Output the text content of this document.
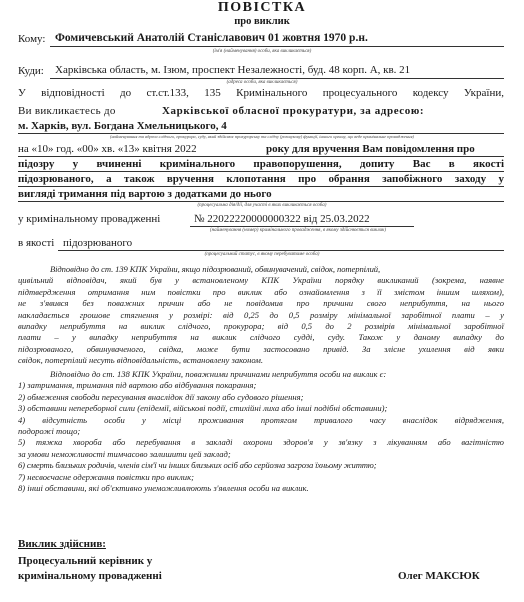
ПОВІСТКА
про виклик
Кому: Фомичевський Анатолій Станіславович 01 жовтня 1970 р.н.
(ім'я (найменування) особи, яка викликається)
Куди: Харківська область, м. Ізюм, проспект Незалежності, буд. 48 корп. А, кв. 21
(адреса особи, яка викликається)
У відповідності до ст.ст.133, 135 Кримінального процесуального кодексу України,
Ви викликаєтесь до	Харківської обласної прокуратури, за адресою:
м. Харків, вул. Богдана Хмельницького, 4
(найменування та адреса слідчого, прокурора, суду, який здійснює прокурорську та слідчу (розшукову) функції, іншого органу, що веде кримінальне провадження)
на «10» год. «00» хв. «13» квітня 2022	року для вручення Вам повідомлення про
підозру у вчиненні кримінального правопорушення, допиту Вас в якості
підозрюваного, а також вручення клопотання про обрання запобіжного заходу у
вигляді тримання під вартою з додатками до нього
(процесуальна дія/дії, для участі в яких викликається особа)
у кримінальному провадженні	№ 22022220000000322 від 25.03.2022
(найменування (номер) кримінального провадження, в якому здійснюється виклик)
в якості підозрюваного
(процесуальний статус, в якому перебуватиме особа)
Відповідно до ст. 139 КПК України, якщо підозрюваний, обвинувачений, свідок, потерпілий,
цивільний відповідач, який був у встановленому КПК України порядку викликаний (зокрема, наявне
підтвердження отримання ним повістки про виклик або ознайомлення з її змістом іншим шляхом),
не з'явився без поважних причин або не повідомив про причини свого неприбуття, на нього
накладається грошове стягнення у розмірі: від 0,25 до 0,5 розміру мінімальної заробітної плати – у
випадку неприбуття на виклик слідчого, прокурора; від 0,5 до 2 розмірів мінімальної заробітної
плати – у випадку неприбуття на виклик слідчого судді, суду. Також у даному випадку до
підозрюваного, обвинуваченого, свідка, може бути застосовано привід. За злісне ухилення від явки
свідок, потерпілий несуть відповідальність, встановлену законом.
Відповідно до ст. 138 КПК України, поважними причинами неприбуття особи на виклик є:
1) затримання, тримання під вартою або відбування покарання;
2) обмеження свободи пересування внаслідок дії закону або судового рішення;
3) обставини непереборної сили (епідемії, військові події, стихійні лиха або інші подібні обставини);
4) відсутність особи у місці проживання протягом тривалого часу внаслідок відрядження,
подорожі тощо;
5) тяжка хвороба або перебування в закладі охорони здоров'я у зв'язку з лікуванням або вагітністю
за умови неможливості тимчасово залишити цей заклад;
6) смерть близьких родичів, членів сім'ї чи інших близьких осіб або серйозна загроза їхньому життю;
7) несвоєчасне одержання повістки про виклик;
8) інші обставини, які об'єктивно унеможливлюють з'явлення особи на виклик.
Виклик здійснив:
Процесуальний керівник у
кримінальному провадженні	Олег МАКСЮК
